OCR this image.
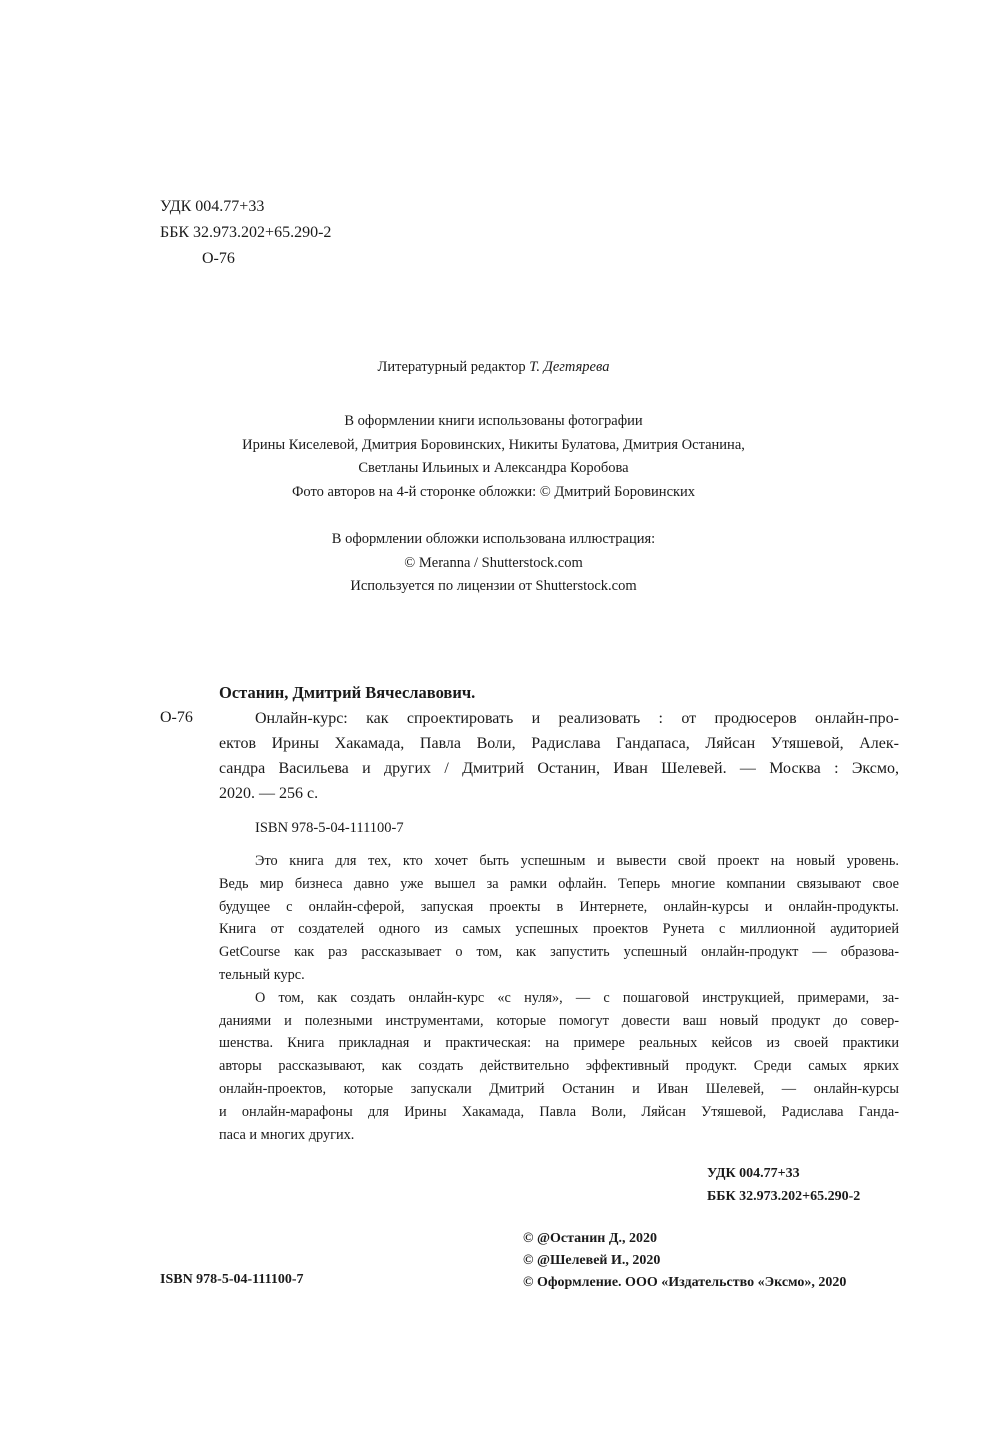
УДК 004.77+33
ББК 32.973.202+65.290-2
О-76
Литературный редактор Т. Дегтярева
В оформлении книги использованы фотографии
Ирины Киселевой, Дмитрия Боровинских, Никиты Булатова, Дмитрия Останина,
Светланы Ильиных и Александра Коробова
Фото авторов на 4-й сторонке обложки: © Дмитрий Боровинских
В оформлении обложки использована иллюстрация:
© Meranna / Shutterstock.com
Используется по лицензии от Shutterstock.com
Останин, Дмитрий Вячеславович.
О-76	Онлайн-курс: как спроектировать и реализовать : от продюсеров онлайн-про-
ектов Ирины Хакамада, Павла Воли, Радислава Гандапаса, Ляйсан Утяшевой, Алек-
сандра Васильева и других / Дмитрий Останин, Иван Шелевей. — Москва : Эксмо,
2020. — 256 с.
ISBN 978-5-04-111100-7
Это книга для тех, кто хочет быть успешным и вывести свой проект на новый уровень.
Ведь мир бизнеса давно уже вышел за рамки офлайн. Теперь многие компании связывают свое
будущее с онлайн-сферой, запуская проекты в Интернете, онлайн-курсы и онлайн-продукты.
Книга от создателей одного из самых успешных проектов Рунета с миллионной аудиторией
GetCourse как раз рассказывает о том, как запустить успешный онлайн-продукт — образова-
тельный курс.
О том, как создать онлайн-курс «с нуля», — с пошаговой инструкцией, примерами, за-
даниями и полезными инструментами, которые помогут довести ваш новый продукт до совер-
шенства. Книга прикладная и практическая: на примере реальных кейсов из своей практики
авторы рассказывают, как создать действительно эффективный продукт. Среди самых ярких
онлайн-проектов, которые запускали Дмитрий Останин и Иван Шелевей, — онлайн-курсы
и онлайн-марафоны для Ирины Хакамада, Павла Воли, Ляйсан Утяшевой, Радислава Ганда-
паса и многих других.
УДК 004.77+33
ББК 32.973.202+65.290-2
© @Останин Д., 2020
© @Шелевей И., 2020
© Оформление. ООО «Издательство «Эксмо», 2020
ISBN 978-5-04-111100-7
